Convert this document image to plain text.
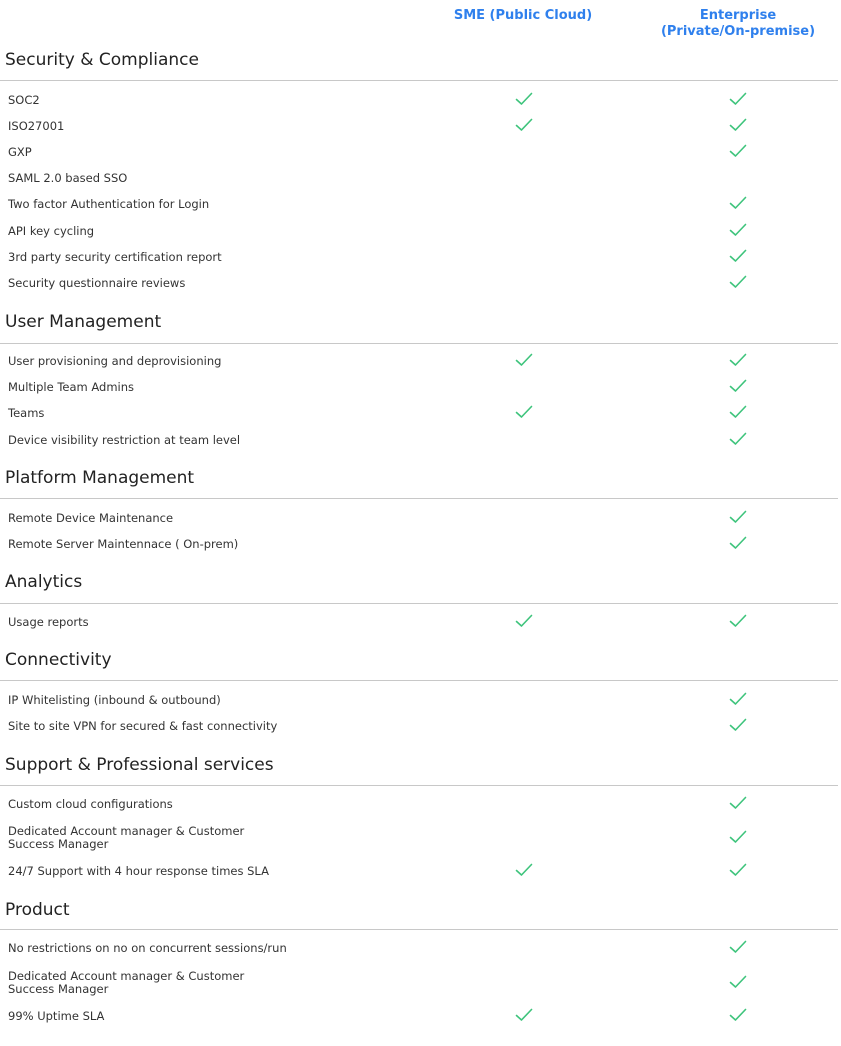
SME (Public Cloud)	Enterprise
(Private/On-premise)
Security & Compliance
SOC2
ISO27001
GXP
SAML 2.0 based SSO
Two factor Authentication for Login
API key cycling
3rd party security certification report
Security questionnaire reviews
User Management
User provisioning and deprovisioning
Multiple Team Admins
Teams
Device visibility restriction at team level
Platform Management
Remote Device Maintenance
Remote Server Maintennace ( On-prem)
Analytics
Usage reports
Connectivity
IP Whitelisting (inbound & outbound)
Site to site VPN for secured & fast connectivity
Support & Professional services
Custom cloud configurations
Dedicated Account manager & Customer
Success Manager
24/7 Support with 4 hour response times SLA
Product
No restrictions on no on concurrent sessions/run
Dedicated Account manager & Customer
Success Manager
99% Uptime SLA
